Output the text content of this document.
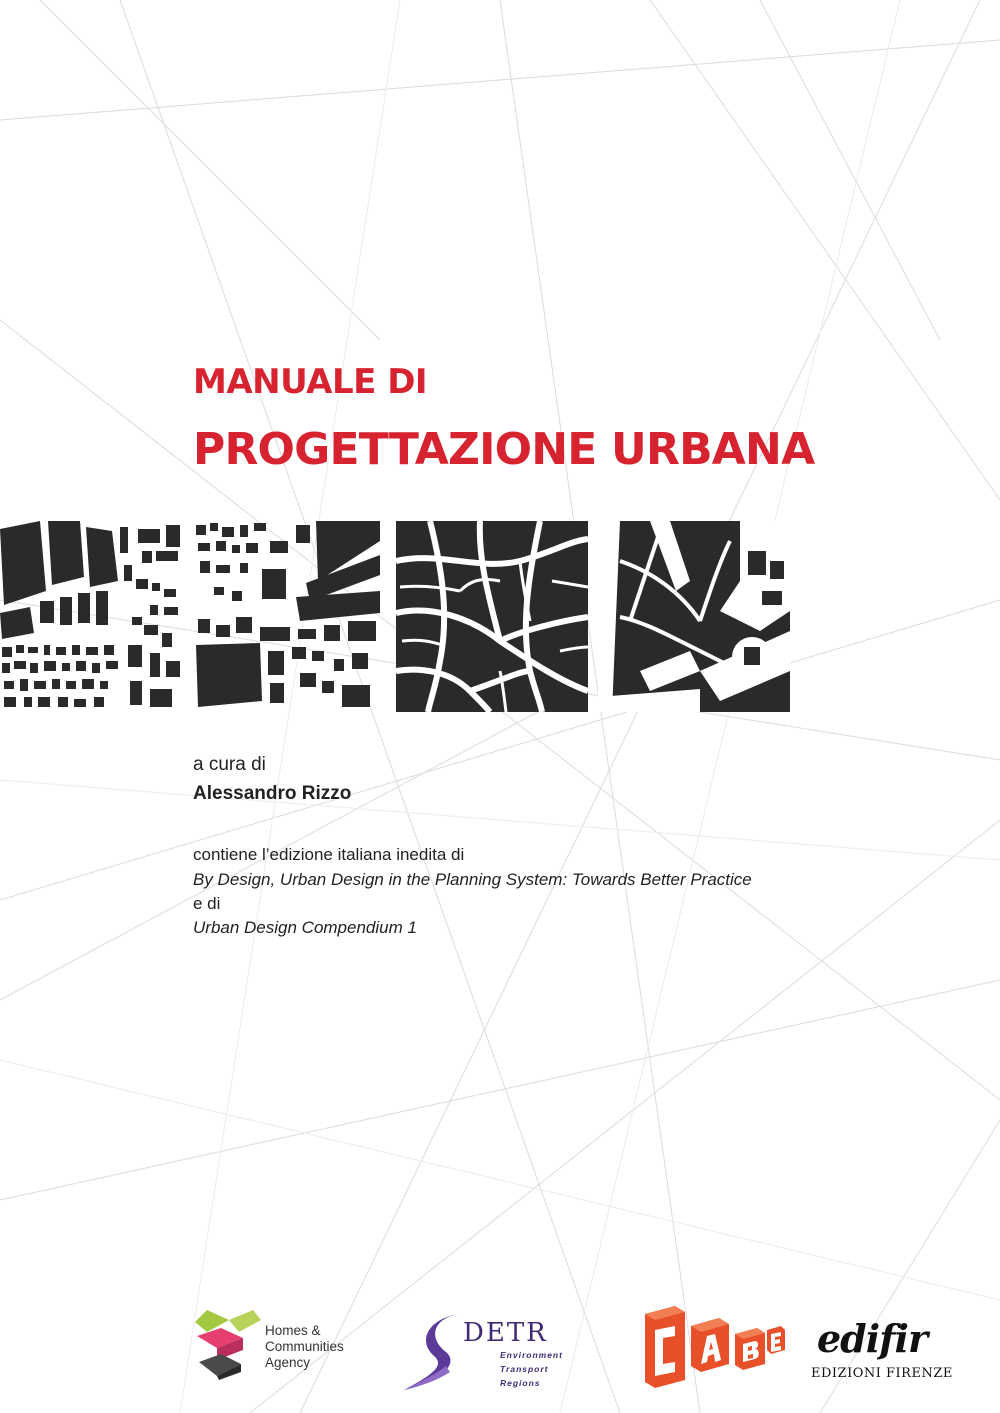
MANUALE DI
PROGETTAZIONE URBANA
a cura di
Alessandro Rizzo
contiene l’edizione italiana inedita di
By Design, Urban Design in the Planning System: Towards Better Practice
e di
Urban Design Compendium 1
Homes &
Communities
Agency
DETR
Environment
Transport
Regions
edifir
EDIZIONI FIRENZE
